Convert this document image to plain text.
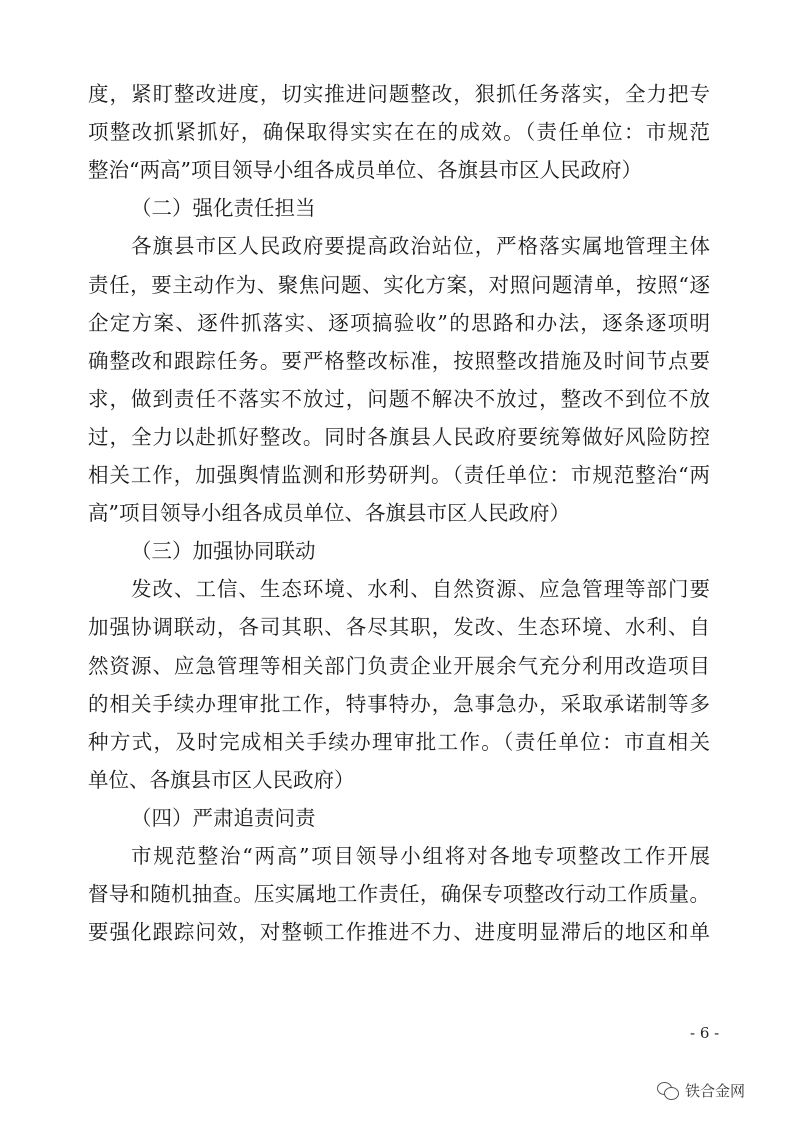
度，紧盯整改进度，切实推进问题整改，狠抓任务落实，全力把专
项整改抓紧抓好，确保取得实实在在的成效。（责任单位：市规范
整治“两高”项目领导小组各成员单位、各旗县市区人民政府）
（二）强化责任担当
各旗县市区人民政府要提高政治站位，严格落实属地管理主体
责任，要主动作为、聚焦问题、实化方案，对照问题清单，按照“逐
企定方案、逐件抓落实、逐项搞验收”的思路和办法，逐条逐项明
确整改和跟踪任务。要严格整改标准，按照整改措施及时间节点要
求，做到责任不落实不放过，问题不解决不放过，整改不到位不放
过，全力以赴抓好整改。同时各旗县人民政府要统筹做好风险防控
相关工作，加强舆情监测和形势研判。（责任单位：市规范整治“两
高”项目领导小组各成员单位、各旗县市区人民政府）
（三）加强协同联动
发改、工信、生态环境、水利、自然资源、应急管理等部门要
加强协调联动，各司其职、各尽其职，发改、生态环境、水利、自
然资源、应急管理等相关部门负责企业开展余气充分利用改造项目
的相关手续办理审批工作，特事特办，急事急办，采取承诺制等多
种方式，及时完成相关手续办理审批工作。（责任单位：市直相关
单位、各旗县市区人民政府）
（四）严肃追责问责
市规范整治“两高”项目领导小组将对各地专项整改工作开展
督导和随机抽查。压实属地工作责任，确保专项整改行动工作质量。
要强化跟踪问效，对整顿工作推进不力、进度明显滞后的地区和单
- 6 -
铁合金网
